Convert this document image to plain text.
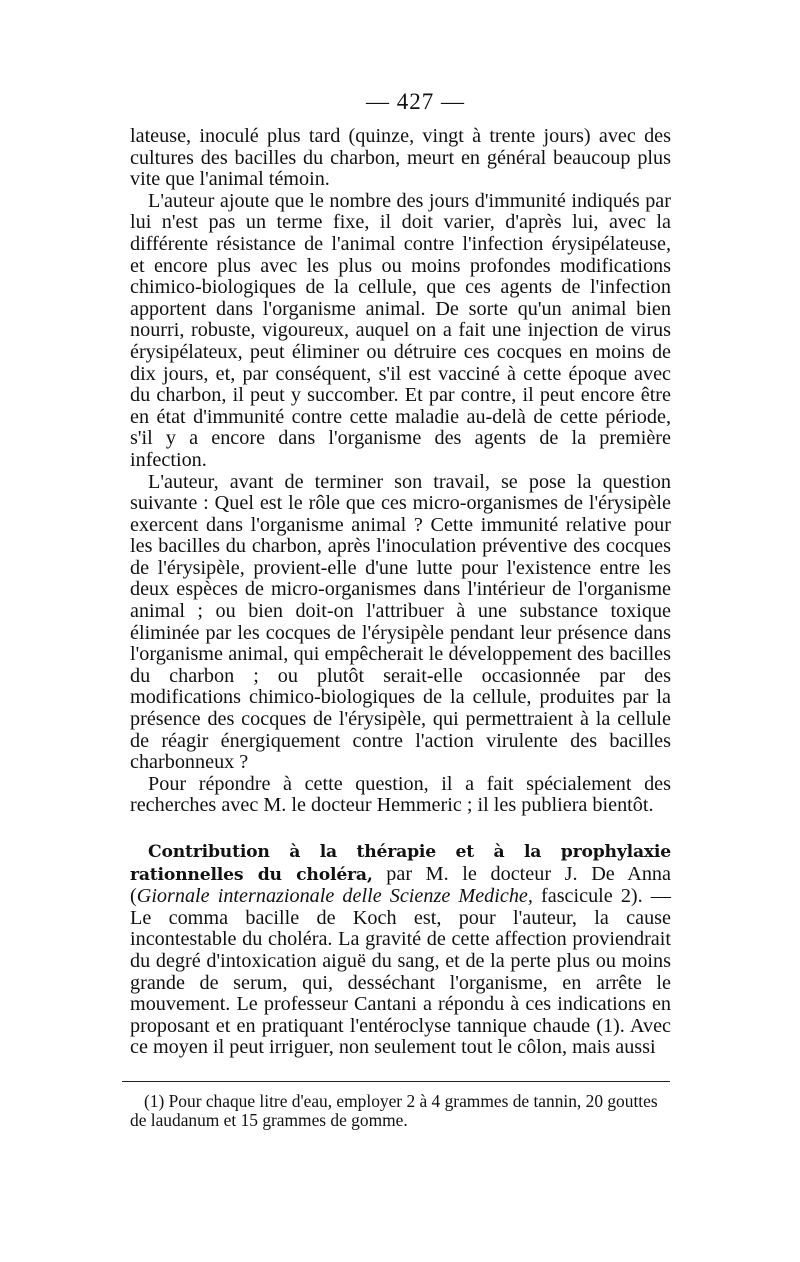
— 427 —

lateuse, inoculé plus tard (quinze, vingt à trente jours) avec des cultures des bacilles du charbon, meurt en général beaucoup plus vite que l'animal témoin.

L'auteur ajoute que le nombre des jours d'immunité indiqués par lui n'est pas un terme fixe, il doit varier, d'après lui, avec la différente résistance de l'animal contre l'infection érysipélateuse, et encore plus avec les plus ou moins profondes modifications chimico-biologiques de la cellule, que ces agents de l'infection apportent dans l'organisme animal. De sorte qu'un animal bien nourri, robuste, vigoureux, auquel on a fait une injection de virus érysipélateux, peut éliminer ou détruire ces cocques en moins de dix jours, et, par conséquent, s'il est vacciné à cette époque avec du charbon, il peut y succomber. Et par contre, il peut encore être en état d'immunité contre cette maladie au-delà de cette période, s'il y a encore dans l'organisme des agents de la première infection.

L'auteur, avant de terminer son travail, se pose la question suivante : Quel est le rôle que ces micro-organismes de l'érysipèle exercent dans l'organisme animal ? Cette immunité relative pour les bacilles du charbon, après l'inoculation préventive des cocques de l'érysipèle, provient-elle d'une lutte pour l'existence entre les deux espèces de micro-organismes dans l'intérieur de l'organisme animal ; ou bien doit-on l'attribuer à une substance toxique éliminée par les cocques de l'érysipèle pendant leur présence dans l'organisme animal, qui empêcherait le développement des bacilles du charbon ; ou plutôt serait-elle occasionnée par des modifications chimico-biologiques de la cellule, produites par la présence des cocques de l'érysipèle, qui permettraient à la cellule de réagir énergiquement contre l'action virulente des bacilles charbonneux ?

Pour répondre à cette question, il a fait spécialement des recherches avec M. le docteur Hemmeric ; il les publiera bientôt.

Contribution à la thérapie et à la prophylaxie rationnelles du choléra, par M. le docteur J. De Anna (Giornale internazionale delle Scienze Mediche, fascicule 2). — Le comma bacille de Koch est, pour l'auteur, la cause incontestable du choléra. La gravité de cette affection proviendrait du degré d'intoxication aiguë du sang, et de la perte plus ou moins grande de serum, qui, desséchant l'organisme, en arrête le mouvement. Le professeur Cantani a répondu à ces indications en proposant et en pratiquant l'entéroclyse tannique chaude (1). Avec ce moyen il peut irriguer, non seulement tout le côlon, mais aussi

(1) Pour chaque litre d'eau, employer 2 à 4 grammes de tannin, 20 gouttes
de laudanum et 15 grammes de gomme.
